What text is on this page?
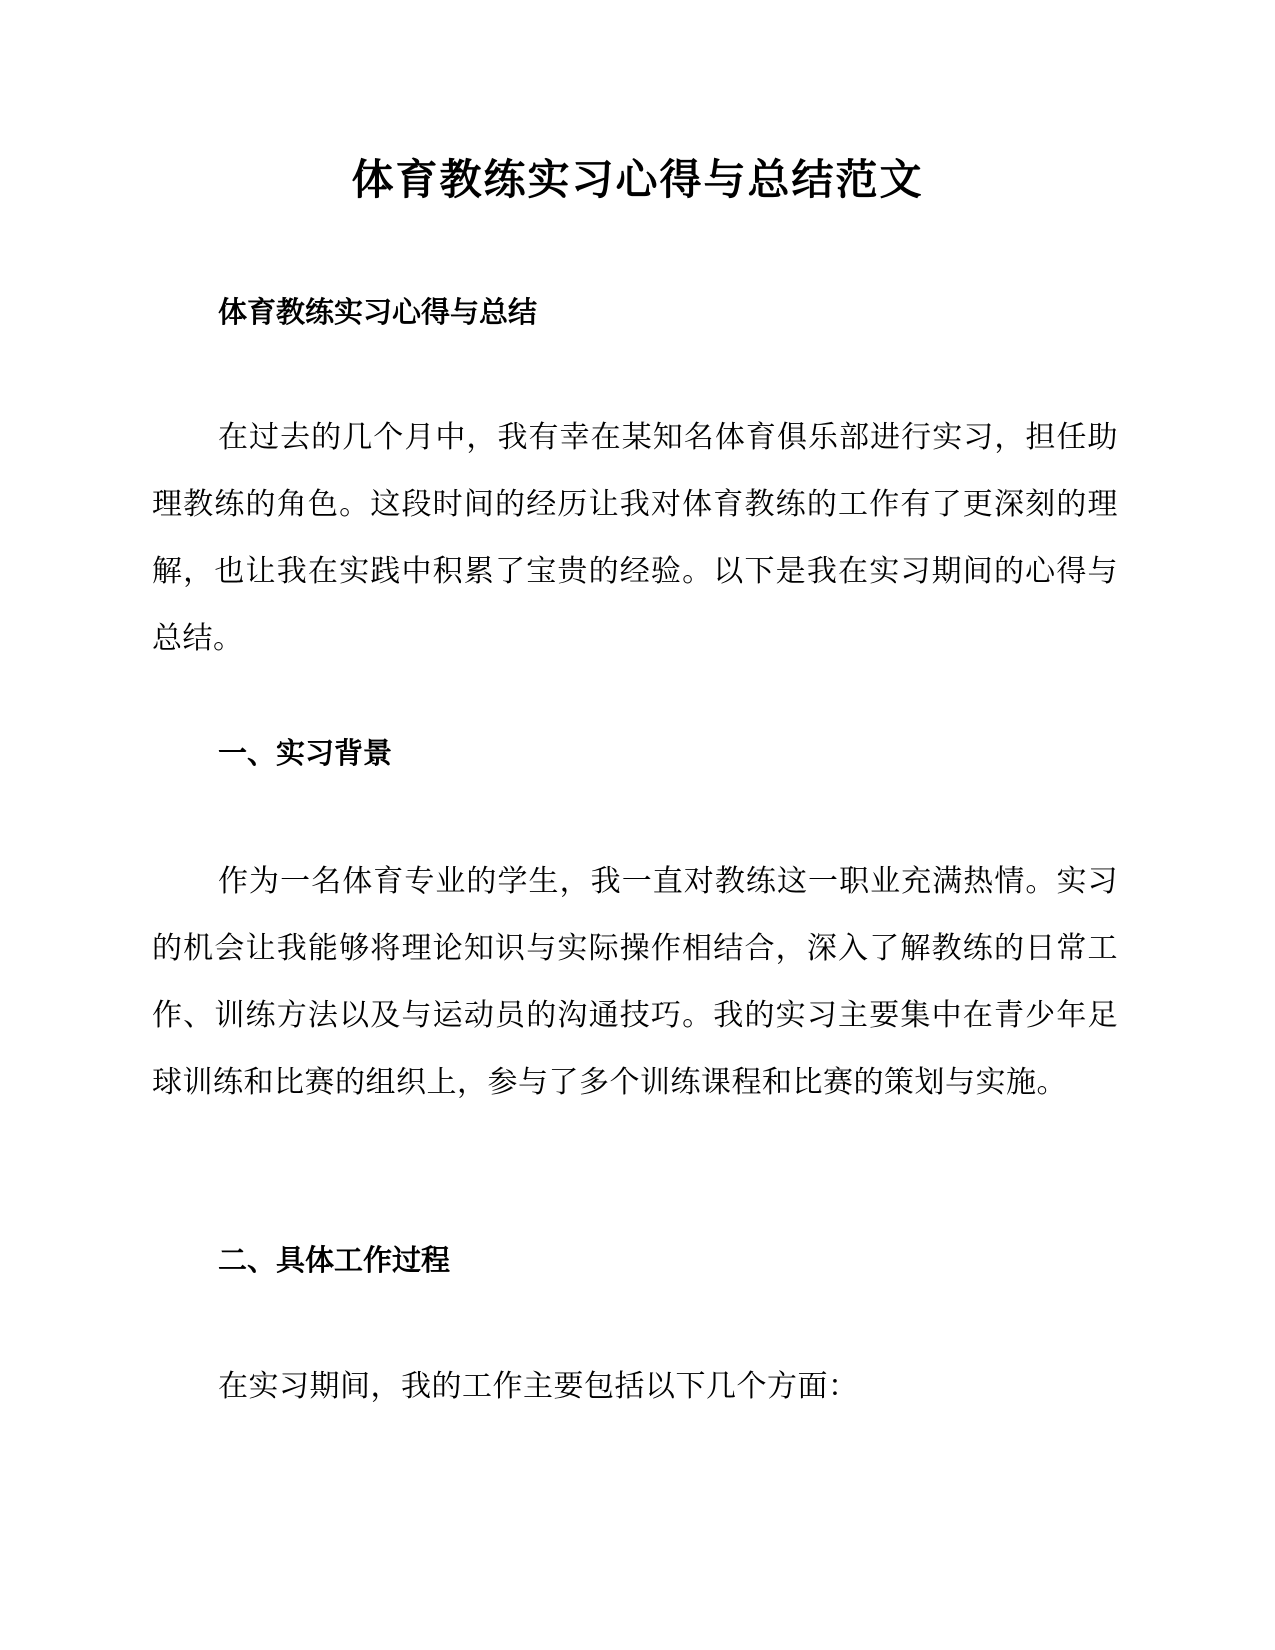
体育教练实习心得与总结范文
体育教练实习心得与总结

在过去的几个月中，我有幸在某知名体育俱乐部进行实习，担任助理教练的角色。这段时间的经历让我对体育教练的工作有了更深刻的理解，也让我在实践中积累了宝贵的经验。以下是我在实习期间的心得与总结。

一、实习背景

作为一名体育专业的学生，我一直对教练这一职业充满热情。实习的机会让我能够将理论知识与实际操作相结合，深入了解教练的日常工作、训练方法以及与运动员的沟通技巧。我的实习主要集中在青少年足球训练和比赛的组织上，参与了多个训练课程和比赛的策划与实施。

二、具体工作过程

在实习期间，我的工作主要包括以下几个方面：
